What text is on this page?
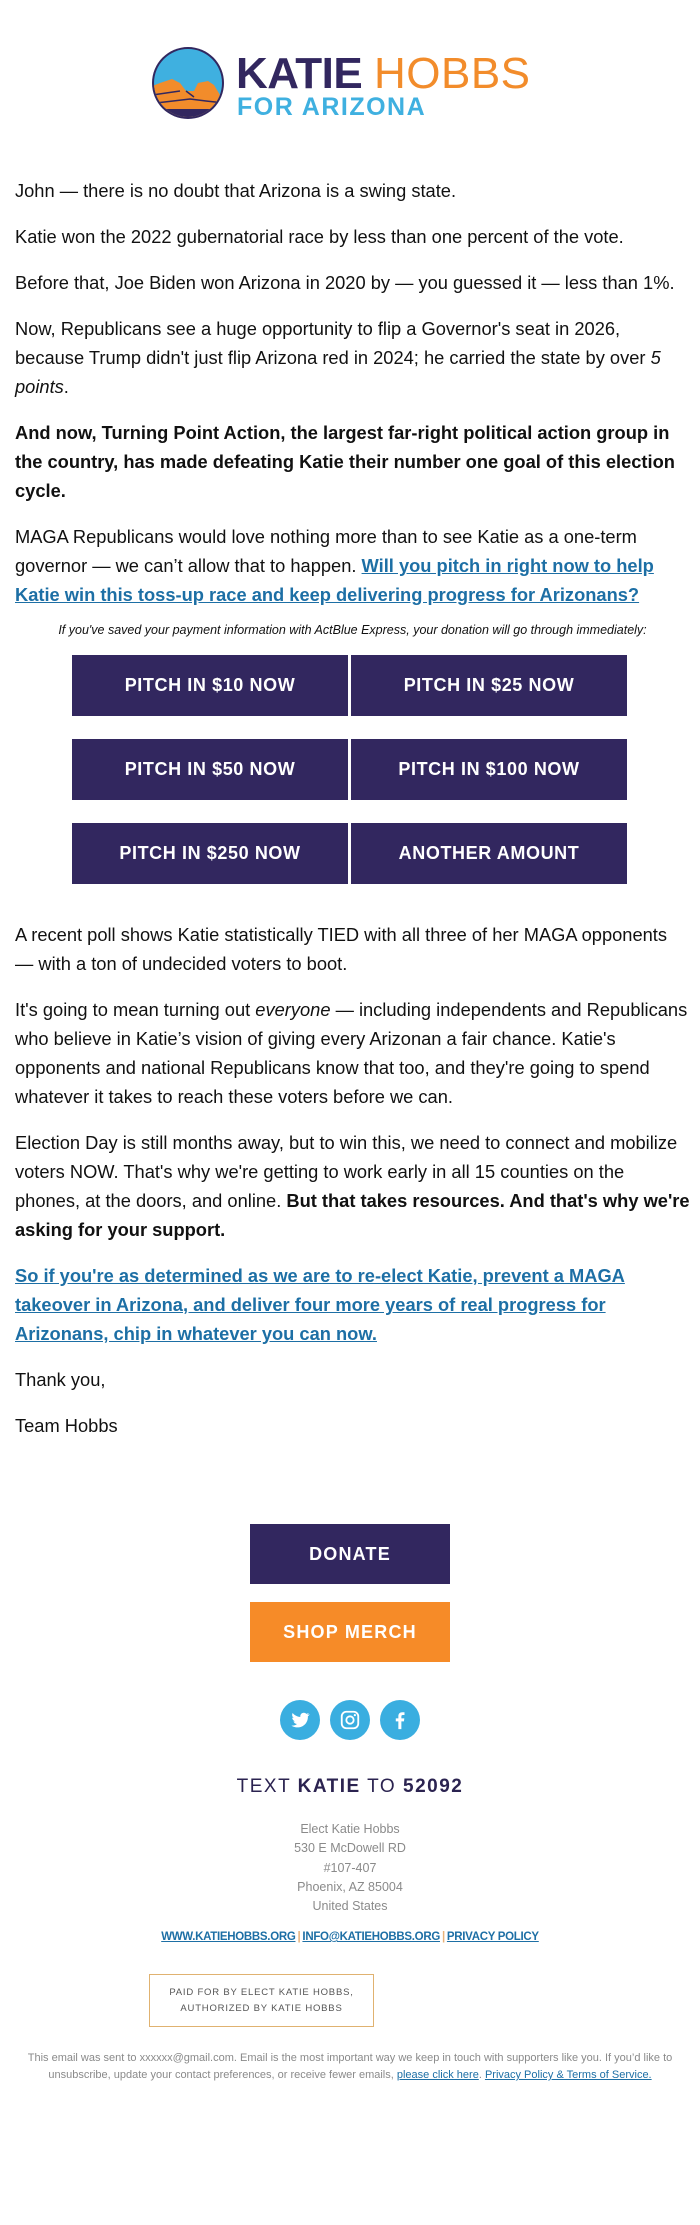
KATIE HOBBS
FOR ARIZONA

John — there is no doubt that Arizona is a swing state.

Katie won the 2022 gubernatorial race by less than one percent of the vote.

Before that, Joe Biden won Arizona in 2020 by — you guessed it — less than 1%.

Now, Republicans see a huge opportunity to flip a Governor's seat in 2026, because Trump didn't just flip Arizona red in 2024; he carried the state by over 5 points.

And now, Turning Point Action, the largest far-right political action group in the country, has made defeating Katie their number one goal of this election cycle.

MAGA Republicans would love nothing more than to see Katie as a one-term governor — we can’t allow that to happen. Will you pitch in right now to help Katie win this toss-up race and keep delivering progress for Arizonans?

If you've saved your payment information with ActBlue Express, your donation will go through immediately:

PITCH IN $10 NOW	PITCH IN $25 NOW
PITCH IN $50 NOW	PITCH IN $100 NOW
PITCH IN $250 NOW	ANOTHER AMOUNT

A recent poll shows Katie statistically TIED with all three of her MAGA opponents — with a ton of undecided voters to boot.

It's going to mean turning out everyone — including independents and Republicans who believe in Katie’s vision of giving every Arizonan a fair chance. Katie's opponents and national Republicans know that too, and they're going to spend whatever it takes to reach these voters before we can.

Election Day is still months away, but to win this, we need to connect and mobilize voters NOW. That's why we're getting to work early in all 15 counties on the phones, at the doors, and online. But that takes resources. And that's why we're asking for your support.

So if you're as determined as we are to re-elect Katie, prevent a MAGA takeover in Arizona, and deliver four more years of real progress for Arizonans, chip in whatever you can now.

Thank you,

Team Hobbs

DONATE
SHOP MERCH
TEXT KATIE TO 52092
Elect Katie Hobbs
530 E McDowell RD
#107-407
Phoenix, AZ 85004
United States
WWW.KATIEHOBBS.ORG | INFO@KATIEHOBBS.ORG | PRIVACY POLICY
PAID FOR BY ELECT KATIE HOBBS,
AUTHORIZED BY KATIE HOBBS
This email was sent to xxxxxx@gmail.com. Email is the most important way we keep in touch with supporters like you. If you’d like to unsubscribe, update your contact preferences, or receive fewer emails, please click here. Privacy Policy & Terms of Service.
